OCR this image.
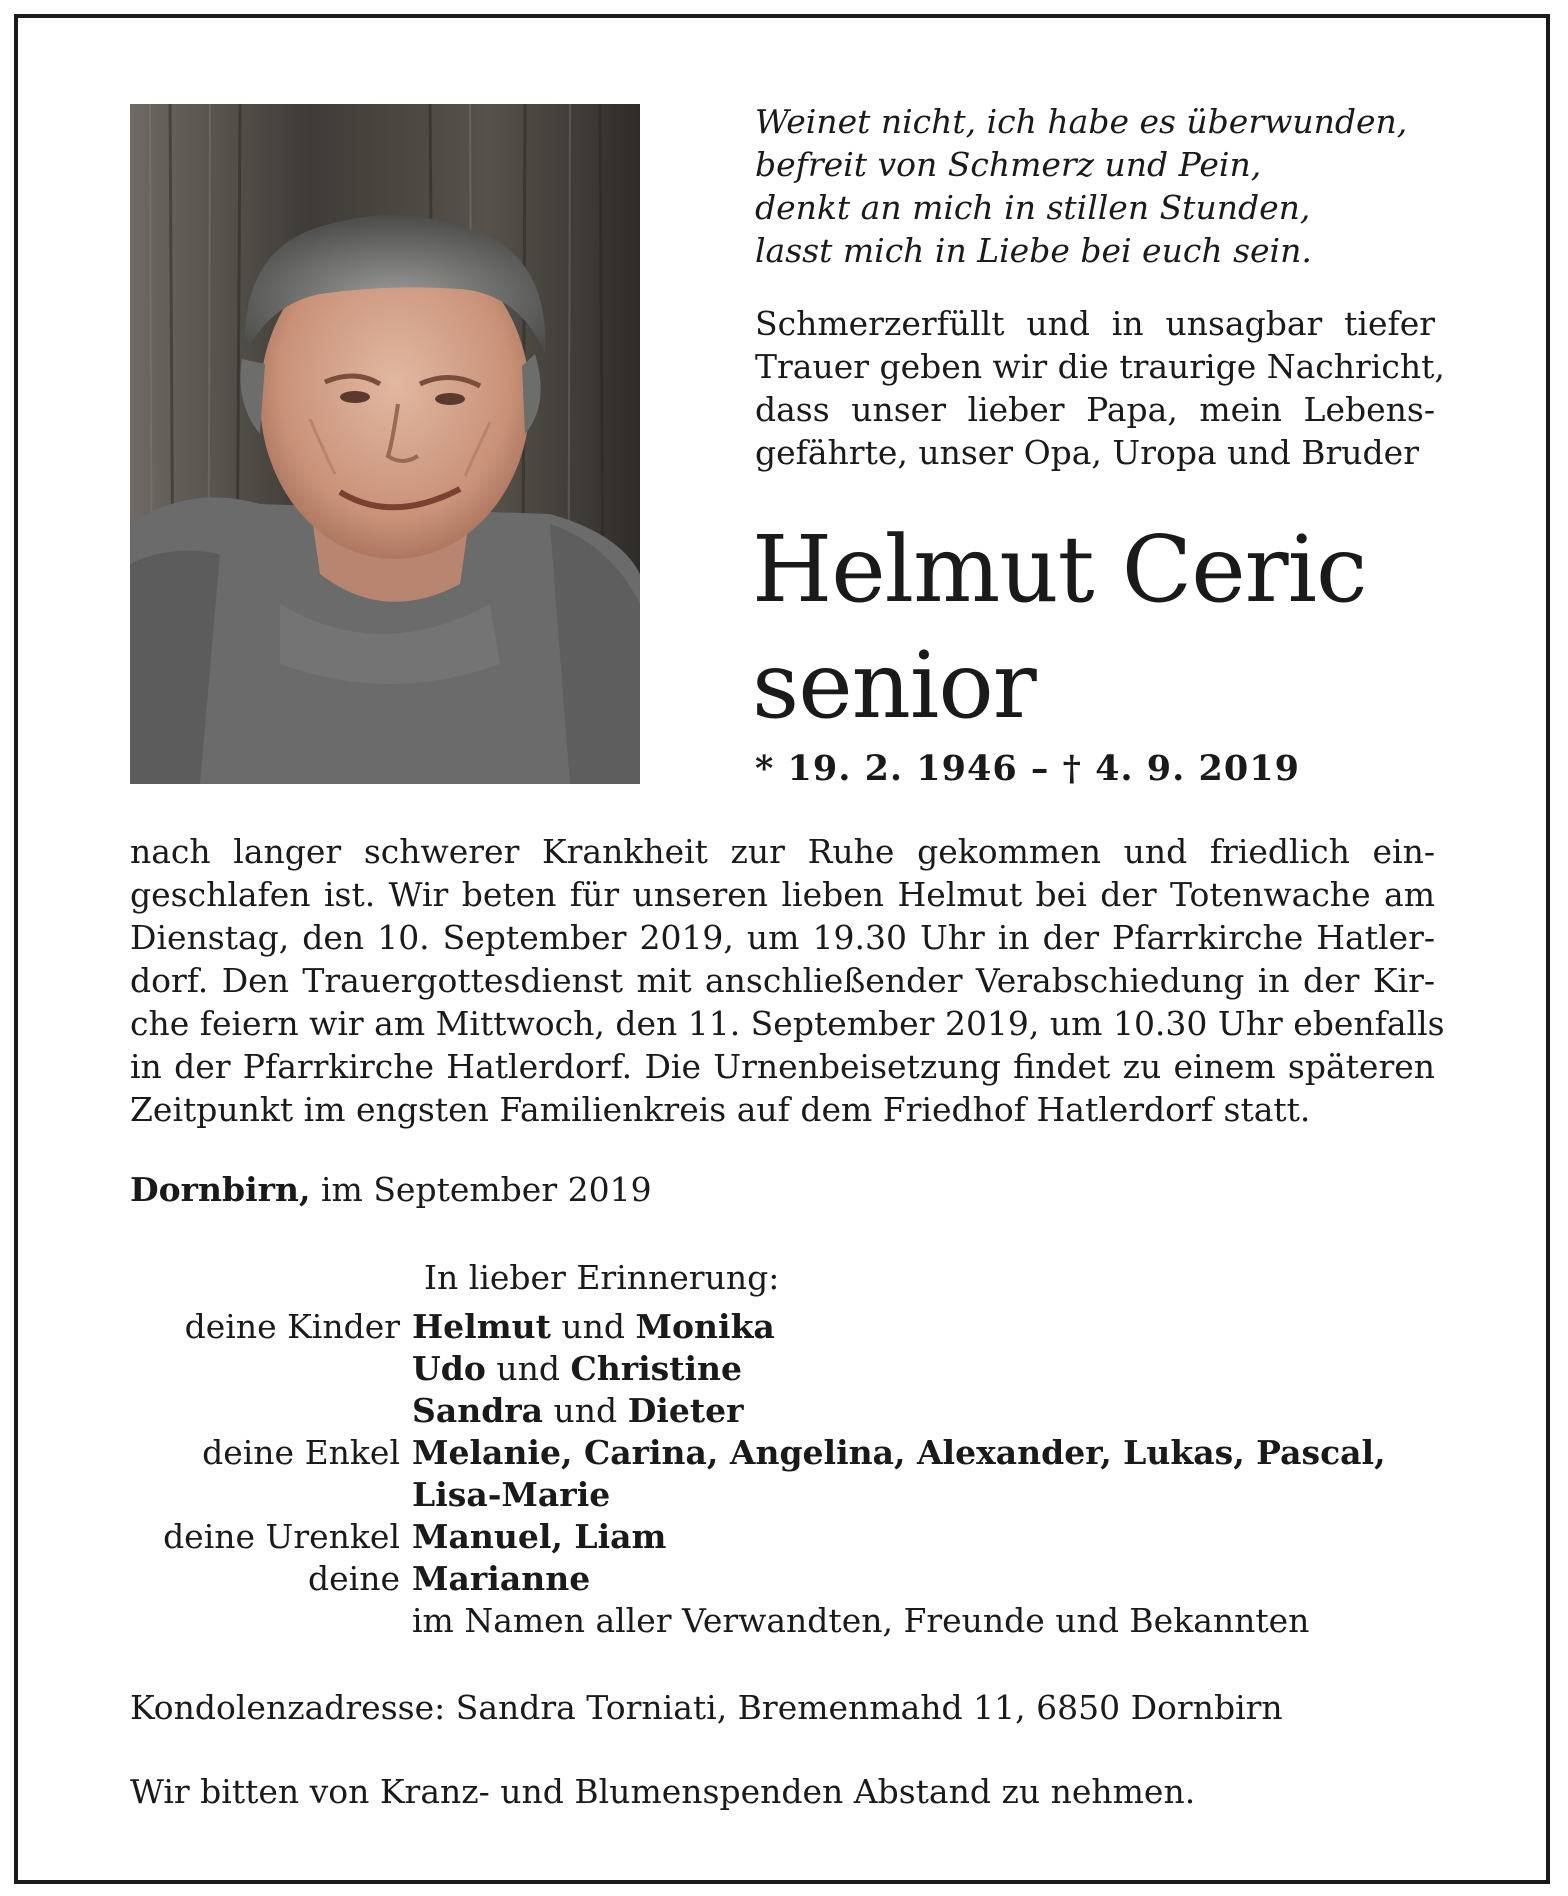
Weinet nicht, ich habe es überwunden,
befreit von Schmerz und Pein,
denkt an mich in stillen Stunden,
lasst mich in Liebe bei euch sein.
Schmerzerfüllt und in unsagbar tiefer
Trauer geben wir die traurige Nachricht,
dass unser lieber Papa, mein Lebens-
gefährte, unser Opa, Uropa und Bruder
Helmut Ceric
senior
* 19. 2. 1946 – † 4. 9. 2019
nach langer schwerer Krankheit zur Ruhe gekommen und friedlich ein-
geschlafen ist. Wir beten für unseren lieben Helmut bei der Totenwache am
Dienstag, den 10. September 2019, um 19.30 Uhr in der Pfarrkirche Hatler-
dorf. Den Trauergottesdienst mit anschließender Verabschiedung in der Kir-
che feiern wir am Mittwoch, den 11. September 2019, um 10.30 Uhr ebenfalls
in der Pfarrkirche Hatlerdorf. Die Urnenbeisetzung findet zu einem späteren
Zeitpunkt im engsten Familienkreis auf dem Friedhof Hatlerdorf statt.
Dornbirn, im September 2019
In lieber Erinnerung:
deine Kinder Helmut und Monika
Udo und Christine
Sandra und Dieter
deine Enkel Melanie, Carina, Angelina, Alexander, Lukas, Pascal,
Lisa-Marie
deine Urenkel Manuel, Liam
deine Marianne
im Namen aller Verwandten, Freunde und Bekannten
Kondolenzadresse: Sandra Torniati, Bremenmahd 11, 6850 Dornbirn
Wir bitten von Kranz- und Blumenspenden Abstand zu nehmen.
